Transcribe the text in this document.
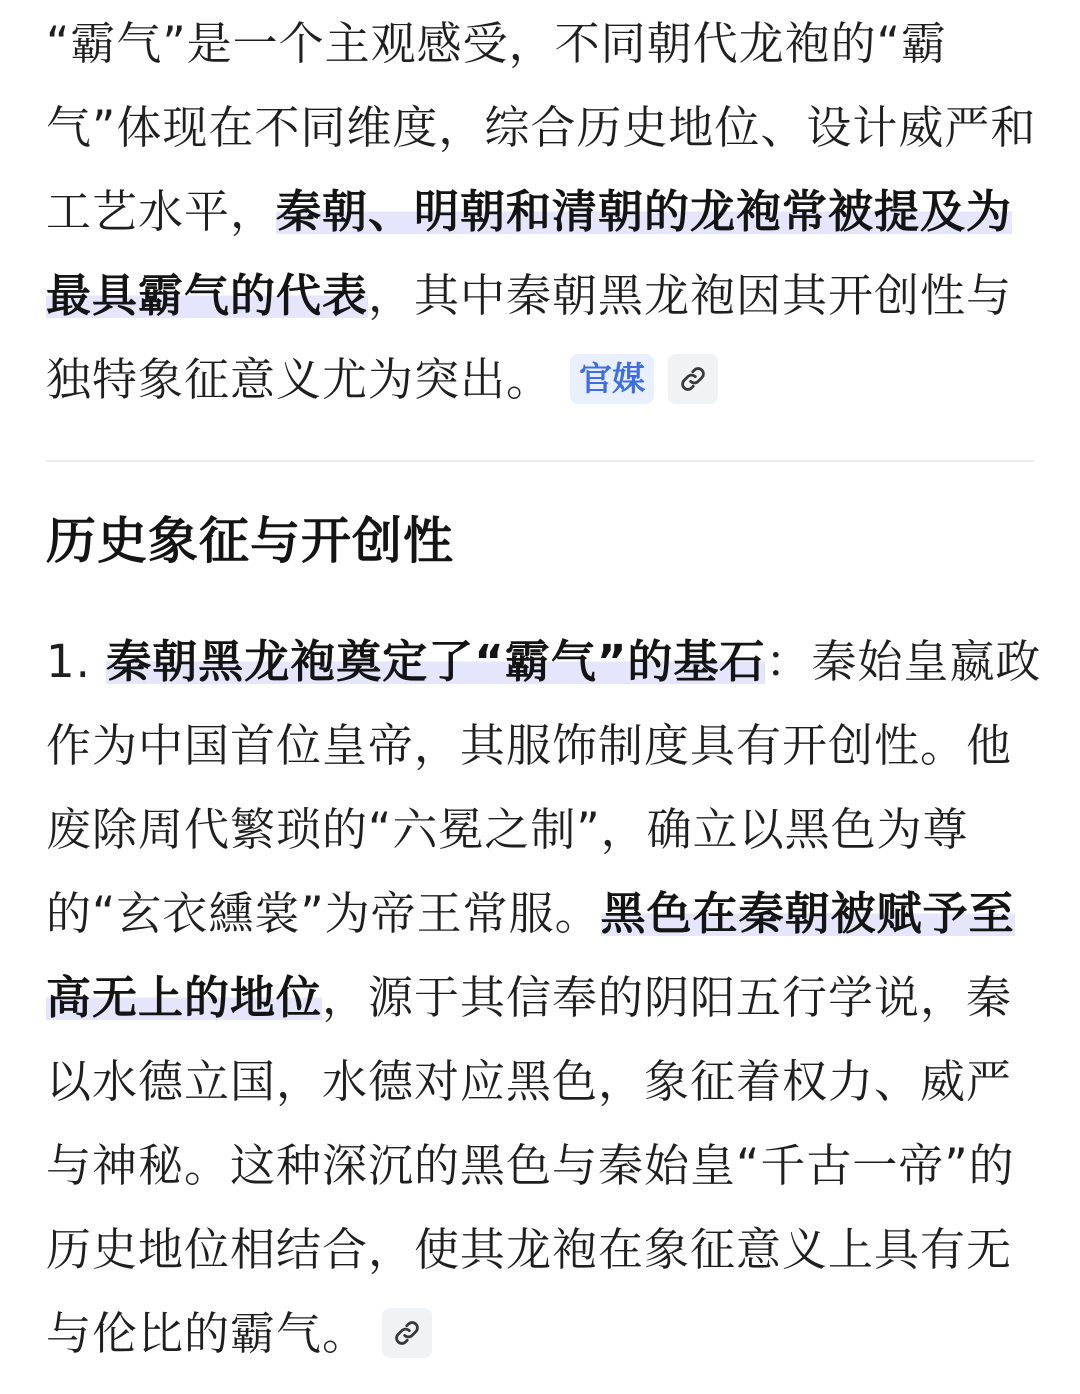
“霸气”是一个主观感受，不同朝代龙袍的“霸气”体现在不同维度，综合历史地位、设计威严和工艺水平，秦朝、明朝和清朝的龙袍常被提及为最具霸气的代表，其中秦朝黑龙袍因其开创性与独特象征意义尤为突出。 官媒

历史象征与开创性

1. 秦朝黑龙袍奠定了“霸气”的基石：秦始皇嬴政作为中国首位皇帝，其服饰制度具有开创性。他废除周代繁琐的“六冕之制”，确立以黑色为尊的“玄衣纁裳”为帝王常服。黑色在秦朝被赋予至高无上的地位，源于其信奉的阴阳五行学说，秦以水德立国，水德对应黑色，象征着权力、威严与神秘。这种深沉的黑色与秦始皇“千古一帝”的历史地位相结合，使其龙袍在象征意义上具有无与伦比的霸气。
